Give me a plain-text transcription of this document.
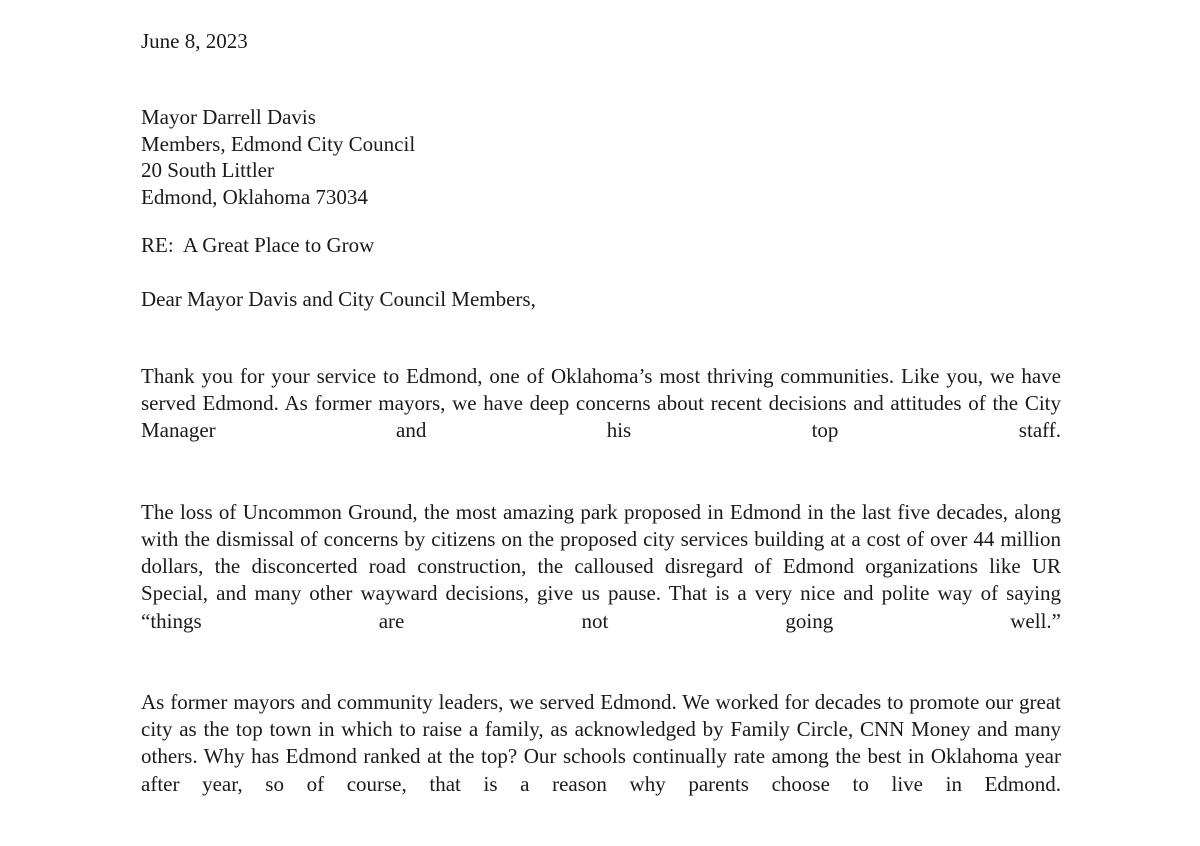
June 8, 2023
Mayor Darrell Davis
Members, Edmond City Council
20 South Littler
Edmond, Oklahoma 73034
RE:  A Great Place to Grow
Dear Mayor Davis and City Council Members,

Thank you for your service to Edmond, one of Oklahoma’s most thriving communities. Like you, we have served Edmond. As former mayors, we have deep concerns about recent decisions and attitudes of the City Manager and his top staff.

The loss of Uncommon Ground, the most amazing park proposed in Edmond in the last five decades, along with the dismissal of concerns by citizens on the proposed city services building at a cost of over 44 million dollars, the disconcerted road construction, the calloused disregard of Edmond organizations like UR Special, and many other wayward decisions, give us pause. That is a very nice and polite way of saying “things are not going well.”

As former mayors and community leaders, we served Edmond. We worked for decades to promote our great city as the top town in which to raise a family, as acknowledged by Family Circle, CNN Money and many others. Why has Edmond ranked at the top? Our schools continually rate among the best in Oklahoma year after year, so of course, that is a reason why parents choose to live in Edmond.
